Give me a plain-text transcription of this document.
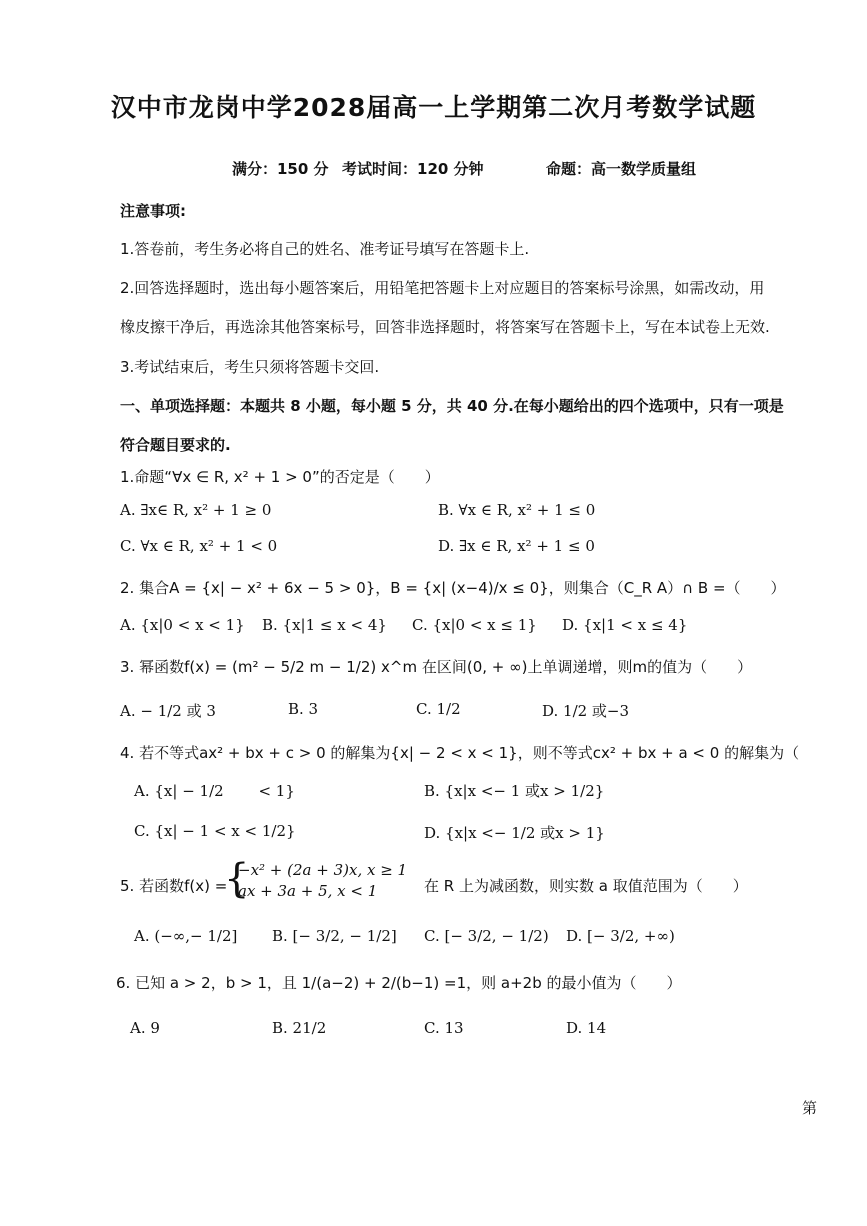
汉中市龙岗中学2028届高一上学期第二次月考数学试题
满分：150 分 考试时间：120 分钟	命题：高一数学质量组
注意事项:
1.答卷前，考生务必将自己的姓名、准考证号填写在答题卡上.
2.回答选择题时，选出每小题答案后，用铅笔把答题卡上对应题目的答案标号涂黑，如需改动，用
橡皮擦干净后，再选涂其他答案标号，回答非选择题时，将答案写在答题卡上，写在本试卷上无效.
3.考试结束后，考生只须将答题卡交回.
一、单项选择题：本题共 8 小题，每小题 5 分，共 40 分.在每小题给出的四个选项中，只有一项是
符合题目要求的.
1.命题“∀x ∈ R, x² + 1 > 0”的否定是（　　）
A. ∃x∈ R, x² + 1 ≥ 0	B. ∀x ∈ R, x² + 1 ≤ 0
C. ∀x ∈ R, x² + 1 < 0	D. ∃x ∈ R, x² + 1 ≤ 0
2. 集合A = {x| − x² + 6x − 5 > 0}，B = {x| (x−4)/x ≤ 0}，则集合（C_R A）∩ B =（　　）
A. {x|0 < x < 1} B. {x|1 ≤ x < 4} C. {x|0 < x ≤ 1} D. {x|1 < x ≤ 4}
3. 幂函数f(x) = (m² − 5/2 m − 1/2) x^m 在区间(0, + ∞)上单调递增，则m的值为（　　）
A. − 1/2 或 3	B. 3	C. 1/2	D. 1/2 或−3
4. 若不等式ax² + bx + c > 0 的解集为{x| − 2 < x < 1}，则不等式cx² + bx + a < 0 的解集为（
A. {x| − 1/2 　　< 1}	B. {x|x <− 1 或x > 1/2}
C. {x| − 1 < x < 1/2}	D. {x|x <− 1/2 或x > 1}
5. 若函数f(x) =
{
−x² + (2a + 3)x, x ≥ 1
ax + 3a + 5, x < 1	在 R 上为减函数，则实数 a 取值范围为（　　）
A. (−∞,− 1/2] B. [− 3/2, − 1/2] C. [− 3/2, − 1/2) D. [− 3/2, +∞)
6. 已知 a > 2，b > 1，且 1/(a−2) + 2/(b−1) =1，则 a+2b 的最小值为（　　）
A. 9	B. 21/2	C. 13	D. 14
第
